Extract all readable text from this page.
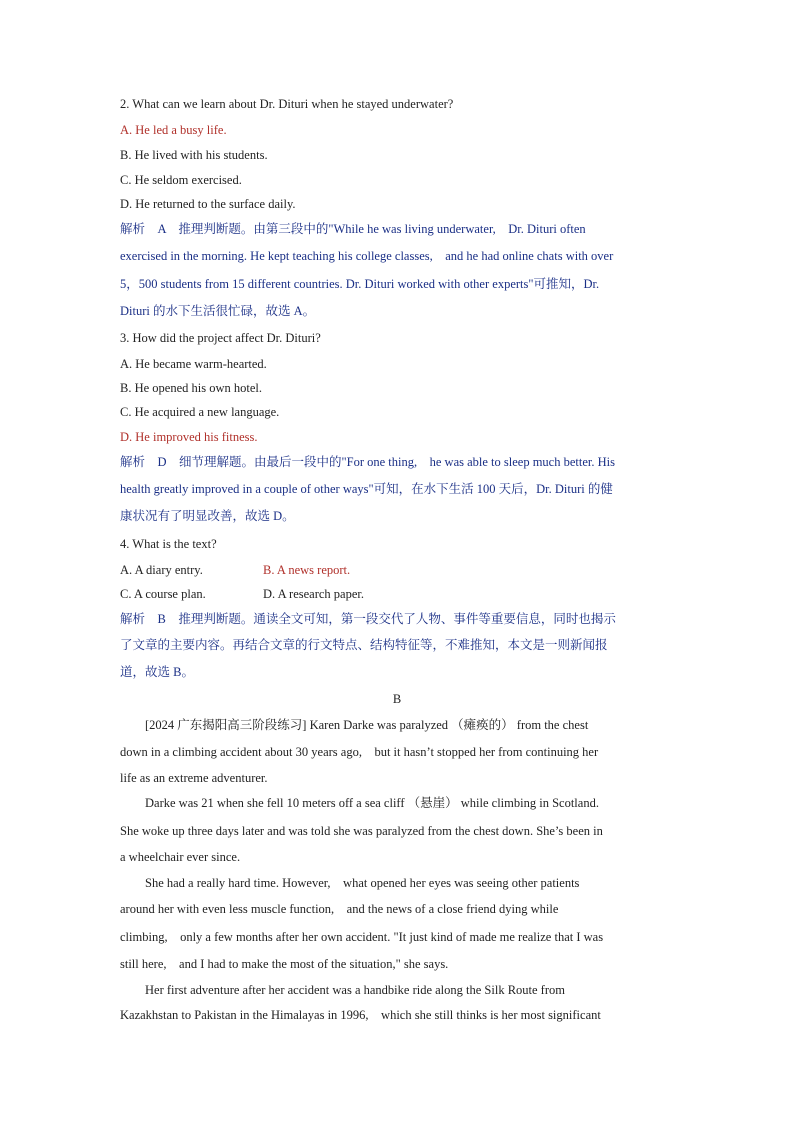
2. What can we learn about Dr. Dituri when he stayed underwater?
A. He led a busy life.
B. He lived with his students.
C. He seldom exercised.
D. He returned to the surface daily.
解析　A　推理判断题。由第三段中的"While he was living underwater,　Dr. Dituri often
exercised in the morning. He kept teaching his college classes,　and he had online chats with over
5，500 students from 15 different countries. Dr. Dituri worked with other experts"可推知，Dr.
Dituri 的水下生活很忙碌，故选 A。
3. How did the project affect Dr. Dituri?
A. He became warm-hearted.
B. He opened his own hotel.
C. He acquired a new language.
D. He improved his fitness.
解析　D　细节理解题。由最后一段中的"For one thing,　he was able to sleep much better. His
health greatly improved in a couple of other ways"可知，在水下生活 100 天后，Dr. Dituri 的健
康状况有了明显改善，故选 D。
4. What is the text?
A. A diary entry.	B. A news report.
C. A course plan.	D. A research paper.
解析　B　推理判断题。通读全文可知，第一段交代了人物、事件等重要信息，同时也揭示
了文章的主要内容。再结合文章的行文特点、结构特征等，不难推知，本文是一则新闻报
道，故选 B。
B
　　[2024 广东揭阳高三阶段练习] Karen Darke was paralyzed （瘫痪的） from the chest
down in a climbing accident about 30 years ago,　but it hasn’t stopped her from continuing her
life as an extreme adventurer.
　　Darke was 21 when she fell 10 meters off a sea cliff （悬崖） while climbing in Scotland.
She woke up three days later and was told she was paralyzed from the chest down. She’s been in
a wheelchair ever since.
　　She had a really hard time. However,　what opened her eyes was seeing other patients
around her with even less muscle function,　and the news of a close friend dying while
climbing,　only a few months after her own accident. "It just kind of made me realize that I was
still here,　and I had to make the most of the situation," she says.
　　Her first adventure after her accident was a handbike ride along the Silk Route from
Kazakhstan to Pakistan in the Himalayas in 1996,　which she still thinks is her most significant
